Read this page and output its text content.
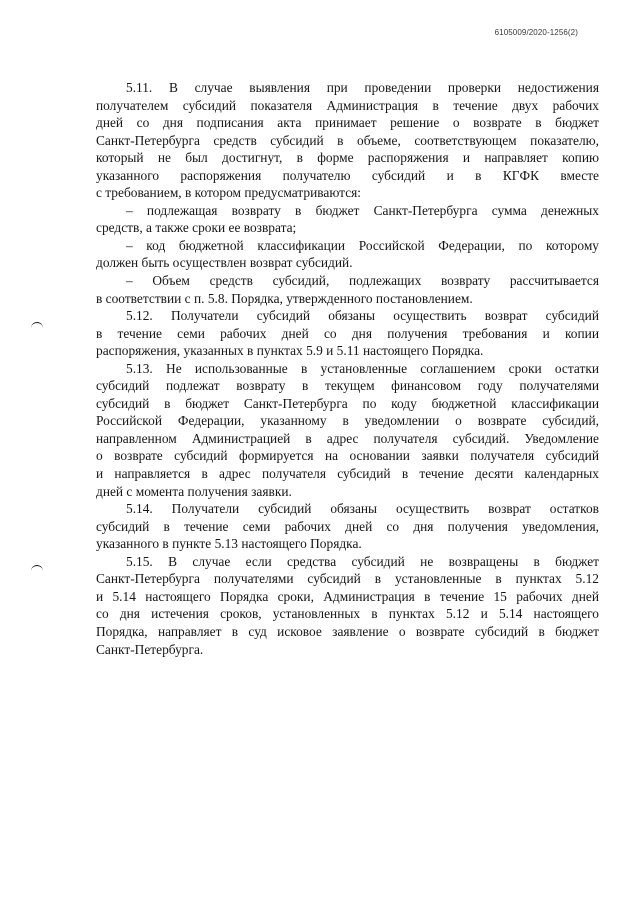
6105009/2020-1256(2)
5.11. В случае выявления при проведении проверки недостижения
получателем субсидий показателя Администрация в течение двух рабочих
дней со дня подписания акта принимает решение о возврате в бюджет
Санкт-Петербурга средств субсидий в объеме, соответствующем показателю,
который не был достигнут, в форме распоряжения и направляет копию
указанного распоряжения получателю субсидий и в КГФК вместе
с требованием, в котором предусматриваются:
– подлежащая возврату в бюджет Санкт-Петербурга сумма денежных
средств, а также сроки ее возврата;
– код бюджетной классификации Российской Федерации, по которому
должен быть осуществлен возврат субсидий.
– Объем средств субсидий, подлежащих возврату рассчитывается
в соответствии с п. 5.8. Порядка, утвержденного постановлением.
5.12. Получатели субсидий обязаны осуществить возврат субсидий
в течение семи рабочих дней со дня получения требования и копии
распоряжения, указанных в пунктах 5.9 и 5.11 настоящего Порядка.
5.13. Не использованные в установленные соглашением сроки остатки
субсидий подлежат возврату в текущем финансовом году получателями
субсидий в бюджет Санкт-Петербурга по коду бюджетной классификации
Российской Федерации, указанному в уведомлении о возврате субсидий,
направленном Администрацией в адрес получателя субсидий. Уведомление
о возврате субсидий формируется на основании заявки получателя субсидий
и направляется в адрес получателя субсидий в течение десяти календарных
дней с момента получения заявки.
5.14. Получатели субсидий обязаны осуществить возврат остатков
субсидий в течение семи рабочих дней со дня получения уведомления,
указанного в пункте 5.13 настоящего Порядка.
5.15. В случае если средства субсидий не возвращены в бюджет
Санкт-Петербурга получателями субсидий в установленные в пунктах 5.12
и 5.14 настоящего Порядка сроки, Администрация в течение 15 рабочих дней
со дня истечения сроков, установленных в пунктах 5.12 и 5.14 настоящего
Порядка, направляет в суд исковое заявление о возврате субсидий в бюджет
Санкт-Петербурга.
